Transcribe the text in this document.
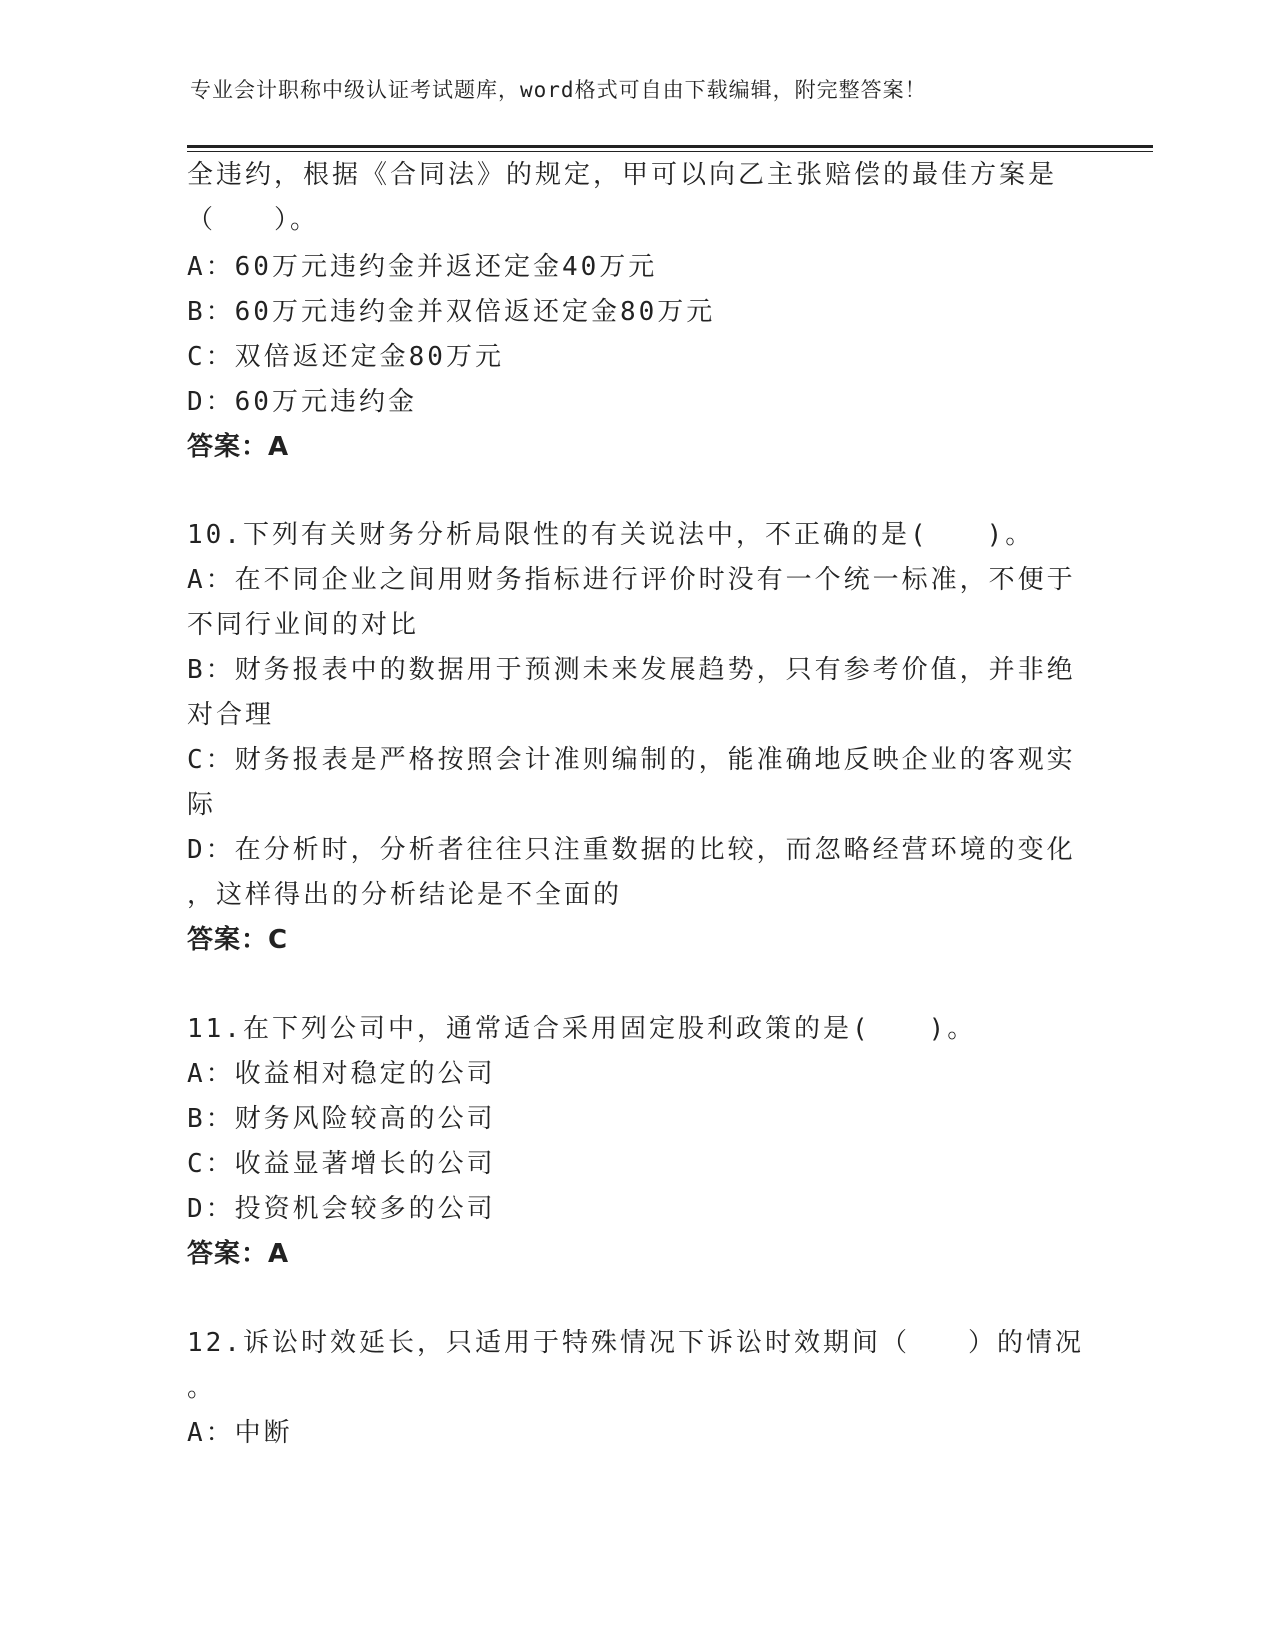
专业会计职称中级认证考试题库，word格式可自由下载编辑，附完整答案！
全违约，根据《合同法》的规定，甲可以向乙主张赔偿的最佳方案是
（　　）。
A：60万元违约金并返还定金40万元
B：60万元违约金并双倍返还定金80万元
C：双倍返还定金80万元
D：60万元违约金
答案：A
10.下列有关财务分析局限性的有关说法中，不正确的是(　　)。
A：在不同企业之间用财务指标进行评价时没有一个统一标准，不便于
不同行业间的对比
B：财务报表中的数据用于预测未来发展趋势，只有参考价值，并非绝
对合理
C：财务报表是严格按照会计准则编制的，能准确地反映企业的客观实
际
D：在分析时，分析者往往只注重数据的比较，而忽略经营环境的变化
，这样得出的分析结论是不全面的
答案：C
11.在下列公司中，通常适合采用固定股利政策的是(　　)。
A：收益相对稳定的公司
B：财务风险较高的公司
C：收益显著增长的公司
D：投资机会较多的公司
答案：A
12.诉讼时效延长，只适用于特殊情况下诉讼时效期间（　　）的情况
。
A：中断
